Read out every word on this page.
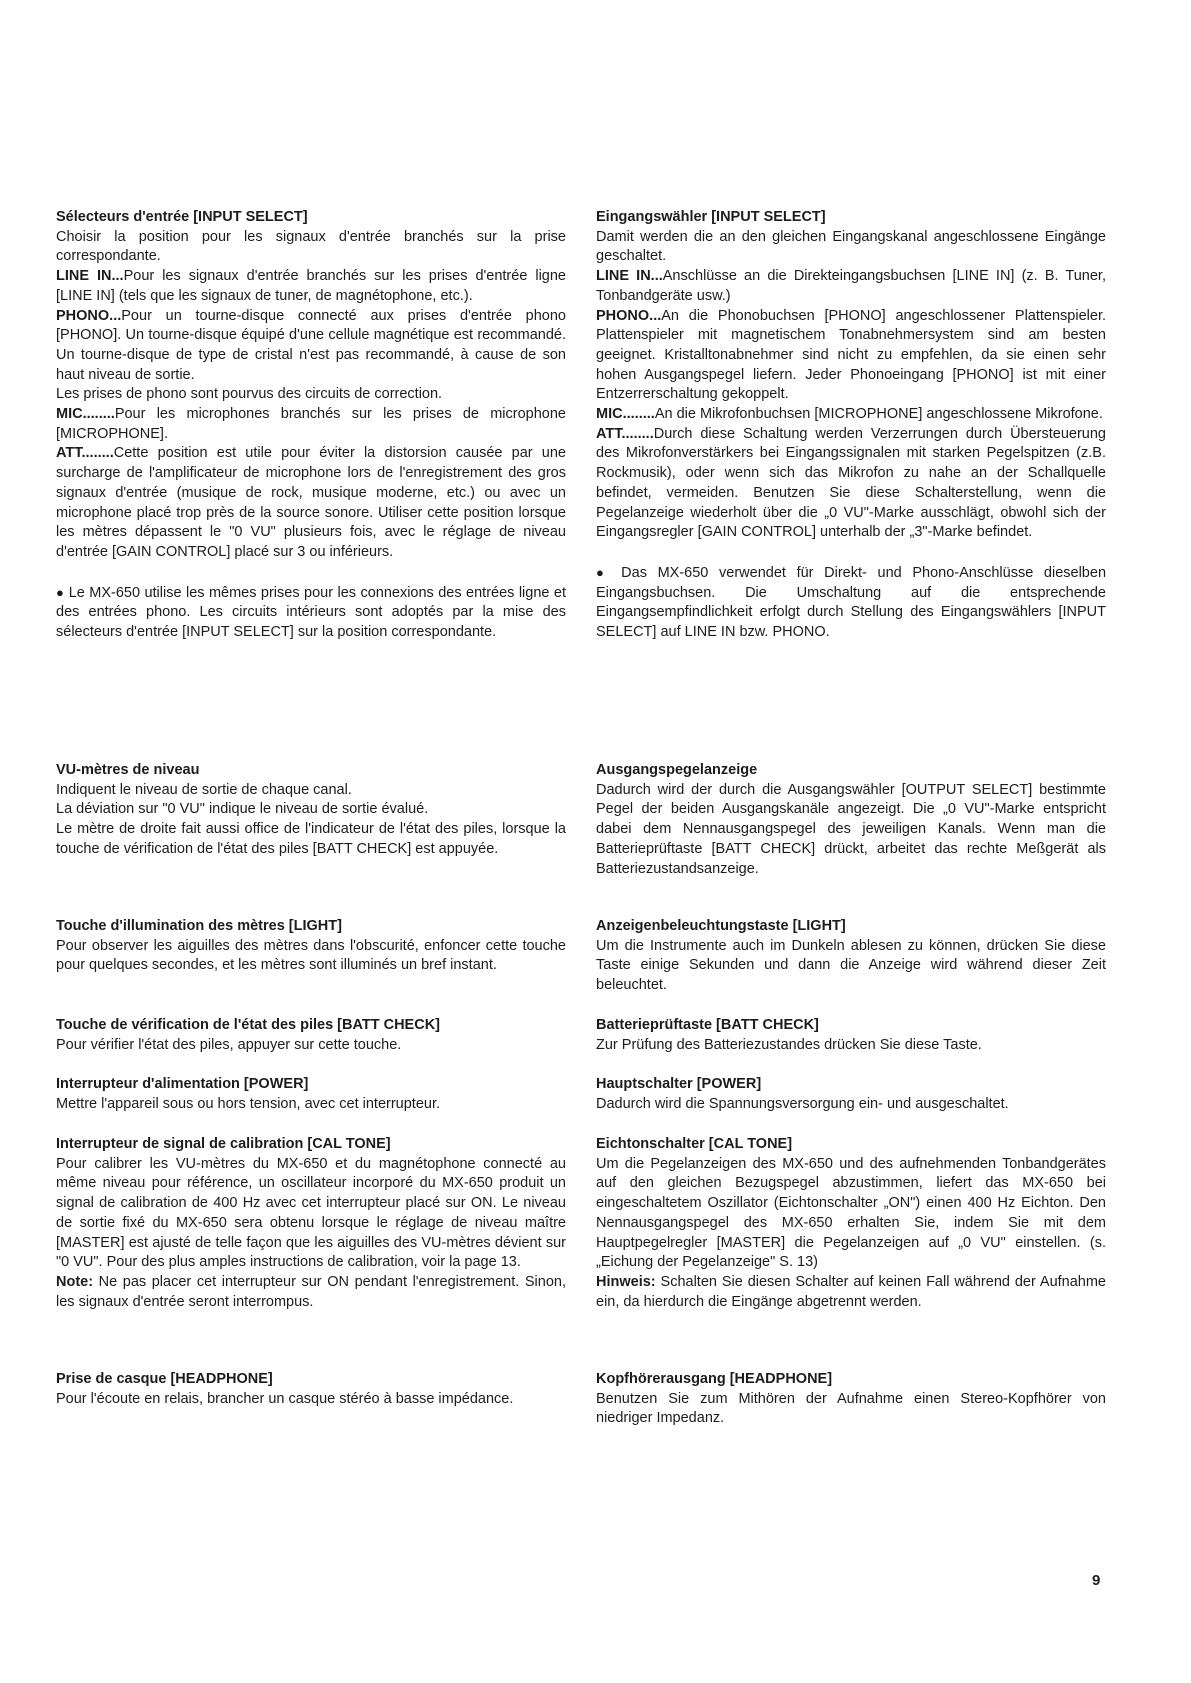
Sélecteurs d'entrée [INPUT SELECT]

Choisir la position pour les signaux d'entrée branchés sur la prise correspondante.

LINE IN...Pour les signaux d'entrée branchés sur les prises d'entrée ligne [LINE IN] (tels que les signaux de tuner, de magnétophone, etc.).

PHONO...Pour un tourne-disque connecté aux prises d'entrée phono [PHONO]. Un tourne-disque équipé d'une cellule magnétique est recommandé. Un tourne-disque de type de cristal n'est pas recommandé, à cause de son haut niveau de sortie.

Les prises de phono sont pourvus des circuits de correction.

MIC........Pour les microphones branchés sur les prises de microphone [MICROPHONE].

ATT........Cette position est utile pour éviter la distorsion causée par une surcharge de l'amplificateur de microphone lors de l'enregistrement des gros signaux d'entrée (musique de rock, musique moderne, etc.) ou avec un microphone placé trop près de la source sonore. Utiliser cette position lorsque les mètres dépassent le "0 VU" plusieurs fois, avec le réglage de niveau d'entrée [GAIN CONTROL] placé sur 3 ou inférieurs.

● Le MX-650 utilise les mêmes prises pour les connexions des entrées ligne et des entrées phono. Les circuits intérieurs sont adoptés par la mise des sélecteurs d'entrée [INPUT SELECT] sur la position correspondante.

VU-mètres de niveau

Indiquent le niveau de sortie de chaque canal.

La déviation sur "0 VU" indique le niveau de sortie évalué.

Le mètre de droite fait aussi office de l'indicateur de l'état des piles, lorsque la touche de vérification de l'état des piles [BATT CHECK] est appuyée.

Touche d'illumination des mètres [LIGHT]

Pour observer les aiguilles des mètres dans l'obscurité, enfoncer cette touche pour quelques secondes, et les mètres sont illuminés un bref instant.

Touche de vérification de l'état des piles [BATT CHECK]

Pour vérifier l'état des piles, appuyer sur cette touche.

Interrupteur d'alimentation [POWER]

Mettre l'appareil sous ou hors tension, avec cet interrupteur.

Interrupteur de signal de calibration [CAL TONE]

Pour calibrer les VU-mètres du MX-650 et du magnétophone connecté au même niveau pour référence, un oscillateur incorporé du MX-650 produit un signal de calibration de 400 Hz avec cet interrupteur placé sur ON. Le niveau de sortie fixé du MX-650 sera obtenu lorsque le réglage de niveau maître [MASTER] est ajusté de telle façon que les aiguilles des VU-mètres dévient sur "0 VU". Pour des plus amples instructions de calibration, voir la page 13.

Note: Ne pas placer cet interrupteur sur ON pendant l'enregistrement. Sinon, les signaux d'entrée seront interrompus.

Prise de casque [HEADPHONE]

Pour l'écoute en relais, brancher un casque stéréo à basse impédance.

Eingangswähler [INPUT SELECT]

Damit werden die an den gleichen Eingangskanal angeschlossene Eingänge geschaltet.

LINE IN...Anschlüsse an die Direkteingangsbuchsen [LINE IN] (z. B. Tuner, Tonbandgeräte usw.)

PHONO...An die Phonobuchsen [PHONO] angeschlossener Plattenspieler. Plattenspieler mit magnetischem Tonabnehmersystem sind am besten geeignet. Kristalltonabnehmer sind nicht zu empfehlen, da sie einen sehr hohen Ausgangspegel liefern. Jeder Phonoeingang [PHONO] ist mit einer Entzerrerschaltung gekoppelt.

MIC........An die Mikrofonbuchsen [MICROPHONE] angeschlossene Mikrofone.

ATT........Durch diese Schaltung werden Verzerrungen durch Übersteuerung des Mikrofonverstärkers bei Eingangssignalen mit starken Pegelspitzen (z.B. Rockmusik), oder wenn sich das Mikrofon zu nahe an der Schallquelle befindet, vermeiden. Benutzen Sie diese Schalterstellung, wenn die Pegelanzeige wiederholt über die „0 VU"-Marke ausschlägt, obwohl sich der Eingangsregler [GAIN CONTROL] unterhalb der „3"-Marke befindet.

● Das MX-650 verwendet für Direkt- und Phono-Anschlüsse dieselben Eingangsbuchsen. Die Umschaltung auf die entsprechende Eingangsempfindlichkeit erfolgt durch Stellung des Eingangswählers [INPUT SELECT] auf LINE IN bzw. PHONO.

Ausgangspegelanzeige

Dadurch wird der durch die Ausgangswähler [OUTPUT SELECT] bestimmte Pegel der beiden Ausgangskanäle angezeigt. Die „0 VU"-Marke entspricht dabei dem Nennausgangspegel des jeweiligen Kanals. Wenn man die Batterieprüftaste [BATT CHECK] drückt, arbeitet das rechte Meßgerät als Batteriezustandsanzeige.

Anzeigenbeleuchtungstaste [LIGHT]

Um die Instrumente auch im Dunkeln ablesen zu können, drücken Sie diese Taste einige Sekunden und dann die Anzeige wird während dieser Zeit beleuchtet.

Batterieprüftaste [BATT CHECK]

Zur Prüfung des Batteriezustandes drücken Sie diese Taste.

Hauptschalter [POWER]

Dadurch wird die Spannungsversorgung ein- und ausgeschaltet.

Eichtonschalter [CAL TONE]

Um die Pegelanzeigen des MX-650 und des aufnehmenden Tonbandgerätes auf den gleichen Bezugspegel abzustimmen, liefert das MX-650 bei eingeschaltetem Oszillator (Eichtonschalter „ON") einen 400 Hz Eichton. Den Nennausgangspegel des MX-650 erhalten Sie, indem Sie mit dem Hauptpegelregler [MASTER] die Pegelanzeigen auf „0 VU" einstellen. (s. „Eichung der Pegelanzeige" S. 13)

Hinweis: Schalten Sie diesen Schalter auf keinen Fall während der Aufnahme ein, da hierdurch die Eingänge abgetrennt werden.

Kopfhörerausgang [HEADPHONE]

Benutzen Sie zum Mithören der Aufnahme einen Stereo-Kopfhörer von niedriger Impedanz.

9
